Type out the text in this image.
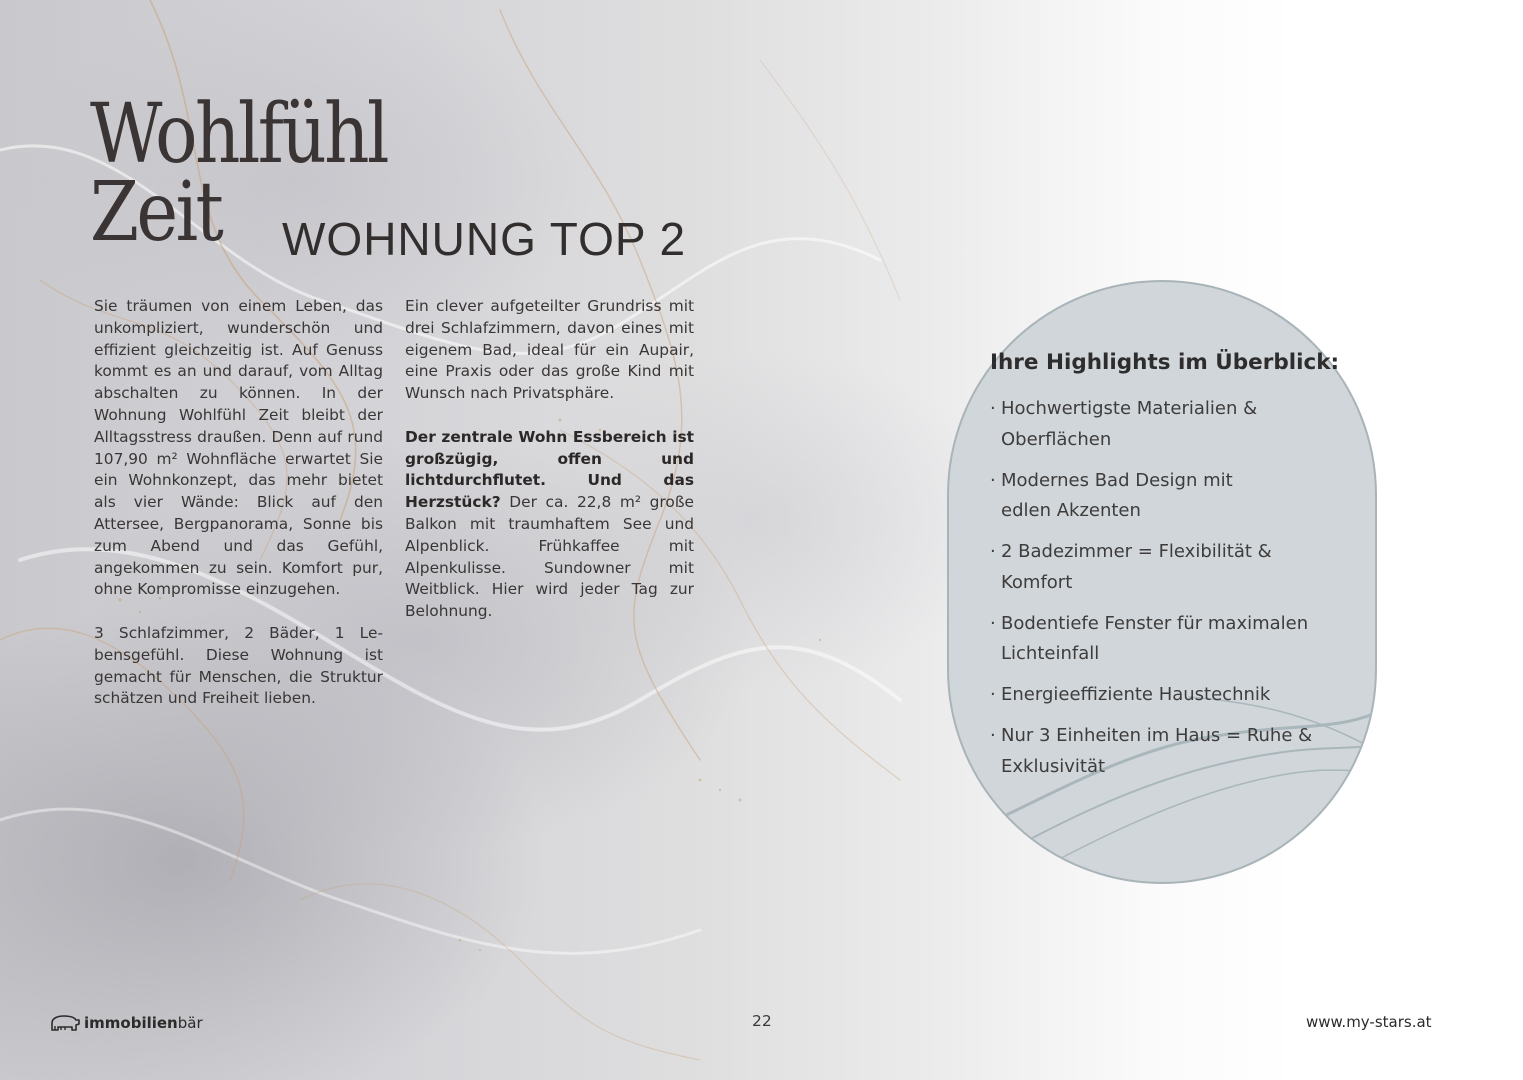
Wohlfühl
Zeit	WOHNUNG TOP 2

Sie träumen von einem Leben, das unkompliziert, wunderschön und effizient gleichzeitig ist. Auf Genuss kommt es an und darauf, vom Alltag abschalten zu können. In der Wohnung Wohlfühl Zeit bleibt der Alltagsstress draußen. Denn auf rund 107,90 m² Wohnfläche erwartet Sie ein Wohnkonzept, das mehr bietet als vier Wände: Blick auf den Attersee, Bergpanorama, Sonne bis zum Abend und das Gefühl, angekommen zu sein. Komfort pur, ohne Kompromisse einzugehen.

3 Schlafzimmer, 2 Bäder, 1 Lebensgefühl. Diese Wohnung ist gemacht für Menschen, die Struktur schätzen und Freiheit lieben.

Ein clever aufgeteilter Grundriss mit drei Schlafzimmern, davon eines mit eigenem Bad, ideal für ein Aupair, eine Praxis oder das große Kind mit Wunsch nach Privatsphäre.

Der zentrale Wohn Essbereich ist großzügig, offen und lichtdurchflutet. Und das Herzstück? Der ca. 22,8 m² große Balkon mit traumhaftem See und Alpenblick. Frühkaffee mit Alpenkulisse. Sundowner mit Weitblick. Hier wird jeder Tag zur Belohnung.

Ihre Highlights im Überblick:
· Hochwertigste Materialien &
Oberflächen
· Modernes Bad Design mit
edlen Akzenten
· 2 Badezimmer = Flexibilität &
Komfort
· Bodentiefe Fenster für maximalen
Lichteinfall
· Energieeffiziente Haustechnik
· Nur 3 Einheiten im Haus = Ruhe &
Exklusivität
immobilienbär	22	www.my-stars.at
